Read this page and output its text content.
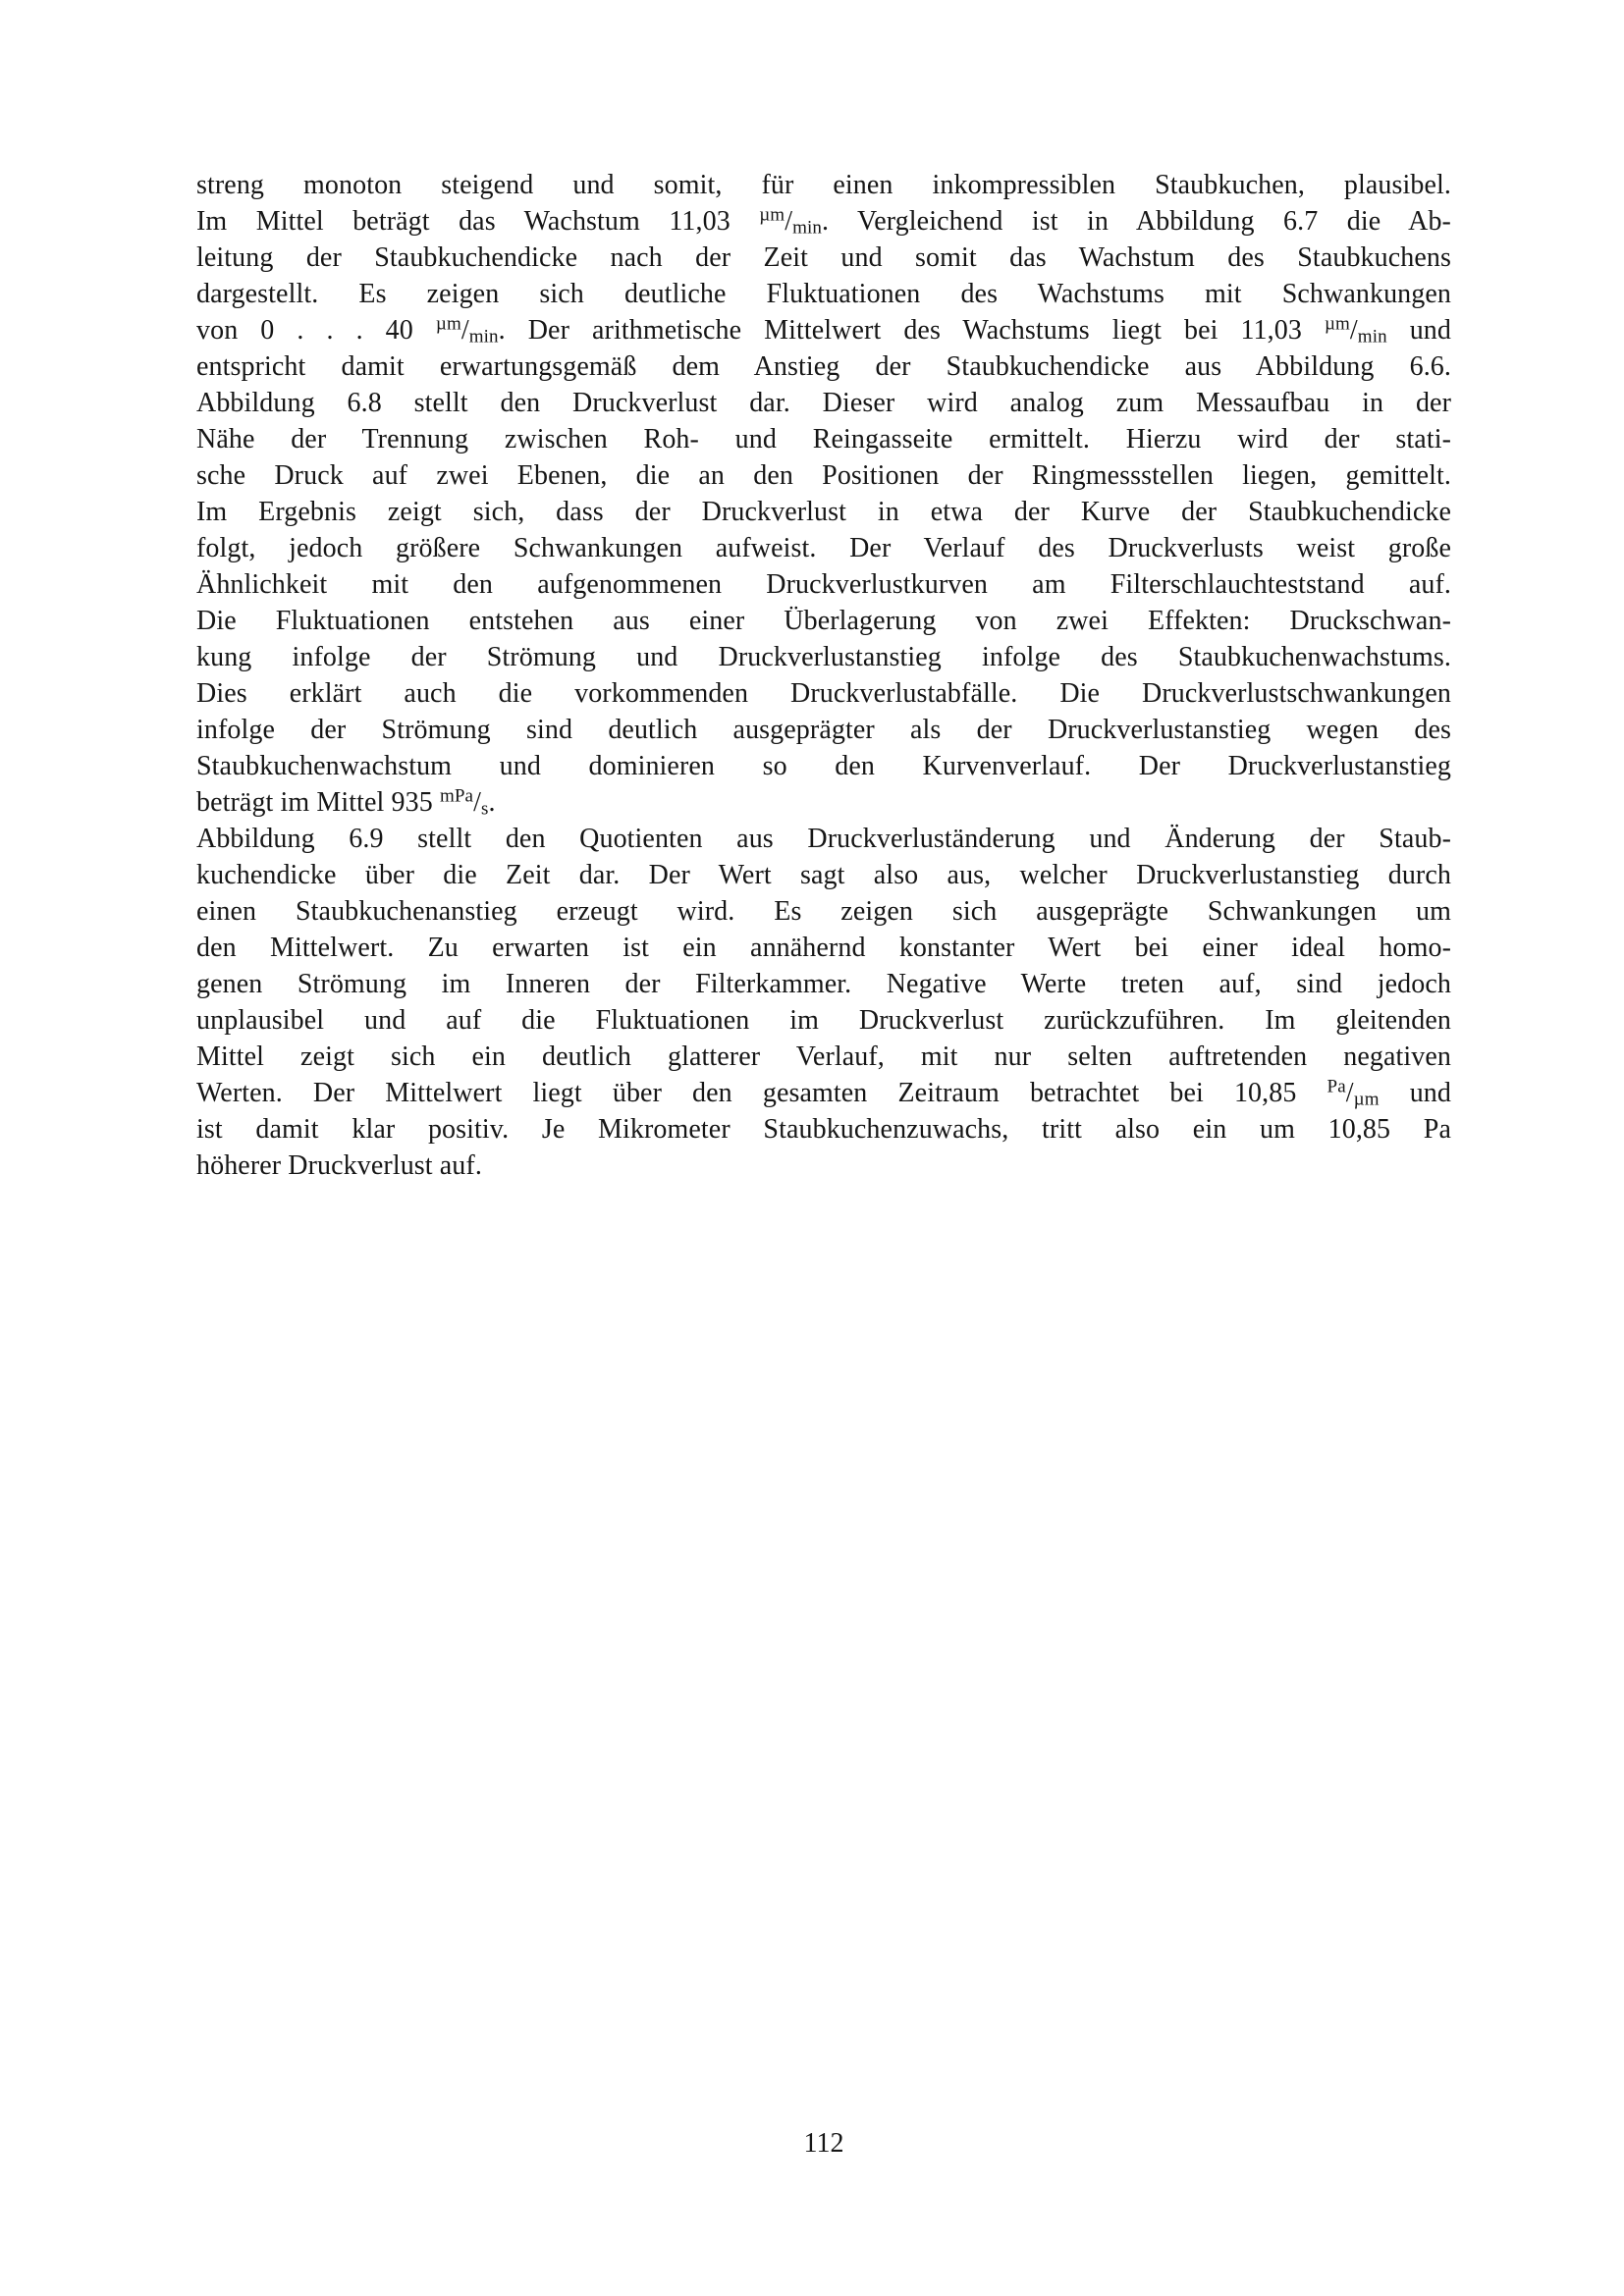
streng monoton steigend und somit, für einen inkompressiblen Staubkuchen, plausibel.
Im Mittel beträgt das Wachstum 11,03 $^{\mu m}/_{min}$. Vergleichend ist in Abbildung 6.7 die Ab-
leitung der Staubkuchendicke nach der Zeit und somit das Wachstum des Staubkuchens
dargestellt. Es zeigen sich deutliche Fluktuationen des Wachstums mit Schwankungen
von 0 . . . 40 $^{\mu m}/_{min}$. Der arithmetische Mittelwert des Wachstums liegt bei 11,03 $^{\mu m}/_{min}$ und
entspricht damit erwartungsgemäß dem Anstieg der Staubkuchendicke aus Abbildung 6.6.
Abbildung 6.8 stellt den Druckverlust dar. Dieser wird analog zum Messaufbau in der
Nähe der Trennung zwischen Roh- und Reingasseite ermittelt. Hierzu wird der stati-
sche Druck auf zwei Ebenen, die an den Positionen der Ringmessstellen liegen, gemittelt.
Im Ergebnis zeigt sich, dass der Druckverlust in etwa der Kurve der Staubkuchendicke
folgt, jedoch größere Schwankungen aufweist. Der Verlauf des Druckverlusts weist große
Ähnlichkeit mit den aufgenommenen Druckverlustkurven am Filterschlauchteststand auf.
Die Fluktuationen entstehen aus einer Überlagerung von zwei Effekten: Druckschwan-
kung infolge der Strömung und Druckverlustanstieg infolge des Staubkuchenwachstums.
Dies erklärt auch die vorkommenden Druckverlustabfälle. Die Druckverlustschwankungen
infolge der Strömung sind deutlich ausgeprägter als der Druckverlustanstieg wegen des
Staubkuchenwachstum und dominieren so den Kurvenverlauf. Der Druckverlustanstieg
beträgt im Mittel 935 $^{mPa}/_s$.
Abbildung 6.9 stellt den Quotienten aus Druckverluständerung und Änderung der Staub-
kuchendicke über die Zeit dar. Der Wert sagt also aus, welcher Druckverlustanstieg durch
einen Staubkuchenanstieg erzeugt wird. Es zeigen sich ausgeprägte Schwankungen um
den Mittelwert. Zu erwarten ist ein annähernd konstanter Wert bei einer ideal homo-
genen Strömung im Inneren der Filterkammer. Negative Werte treten auf, sind jedoch
unplausibel und auf die Fluktuationen im Druckverlust zurückzuführen. Im gleitenden
Mittel zeigt sich ein deutlich glatterer Verlauf, mit nur selten auftretenden negativen
Werten. Der Mittelwert liegt über den gesamten Zeitraum betrachtet bei 10,85 $^{Pa}/_{\mu m}$ und
ist damit klar positiv. Je Mikrometer Staubkuchenzuwachs, tritt also ein um 10,85 Pa
höherer Druckverlust auf.
112
